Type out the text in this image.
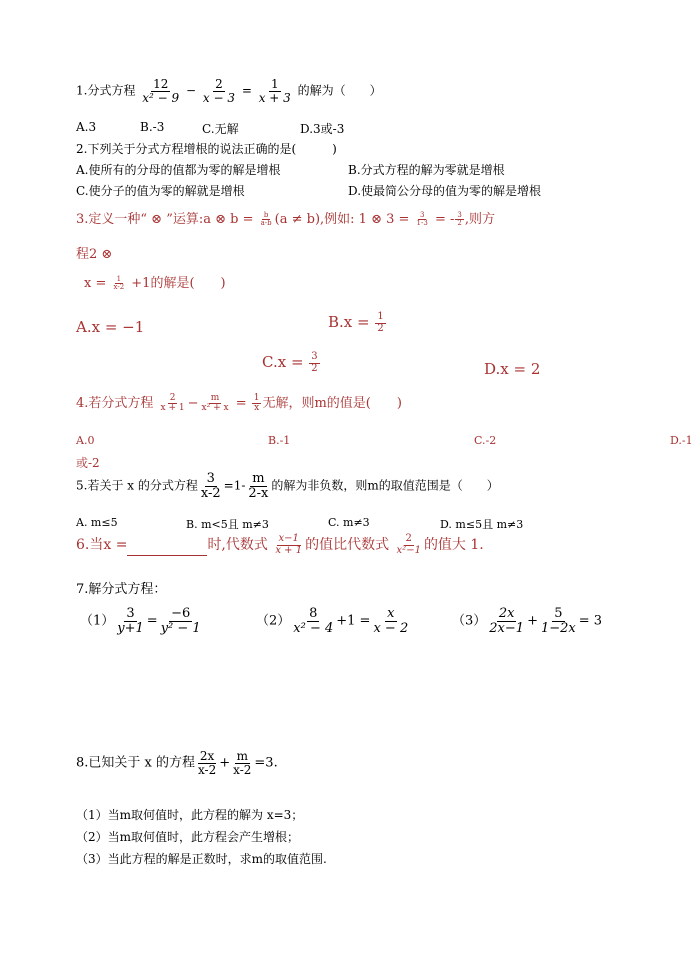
1.分式方程 $\frac{12}{\text{x² − 9}} - \frac{2}{x - 3} = \frac{1}{x + 3}$ 的解为（　　）
A.3	B.-3	C.无解	D.3或-3
2.下列关于分式方程增根的说法正确的是(　　　)
A.使所有的分母的值都为零的解是增根	B.分式方程的解为零就是增根
C.使分子的值为零的解就是增根	D.使最简公分母的值为零的解是增根
3.定义一种“ ⊗ ”运算:a ⊗ $b = \frac{b}{a-b} (a \ne b)$,例如: 1 ⊗ $3 = \frac{3}{1-3}$ = - $\frac{3}{2}$ ,则方
程2 ⊗
$x = \frac{1}{x-2} +1$的解是(　　)
A.x = −1	$B.x = \frac{1}{2}$
$C.x = \frac{3}{2}$	D.x = 2
4.若分式方程 $\frac{2}{x + 1} - \frac{m}{\text{x² + x}} = \frac{1}{x}$ 无解，则m的值是(　　)
A.0	B.-1	C.-2	D.-1
或-2
5.若关于 x 的分式方程 $\frac{3}{x-2} =1- \frac{m}{2-x}$ 的解为非负数，则m的取值范围是（　　）
A. m≤5	B. m<5且 m≠3	C. m≠3	D. m≤5且 m≠3
6.当x =	时,代数式 $\frac{x-1}{x + 1}$ 的值比代数式 $\frac{2}{\text{x²−1}}$ 的值大 1.
7.解分式方程：
$(1) \frac{3}{y+1} = \frac{-6}{\text{y² − 1}}$	$(2) \frac{8}{\text{x² − 4}} +1 = \frac{x}{x - 2}$	$(3) \frac{2x}{2x-1} + \frac{5}{1-2x} = 3$
8.已知关于 x 的方程 $\frac{2x}{x-2} + \frac{m}{x-2} =3$.
（1）当m取何值时，此方程的解为 x=3；
（2）当m取何值时，此方程会产生增根；
（3）当此方程的解是正数时，求m的取值范围.
